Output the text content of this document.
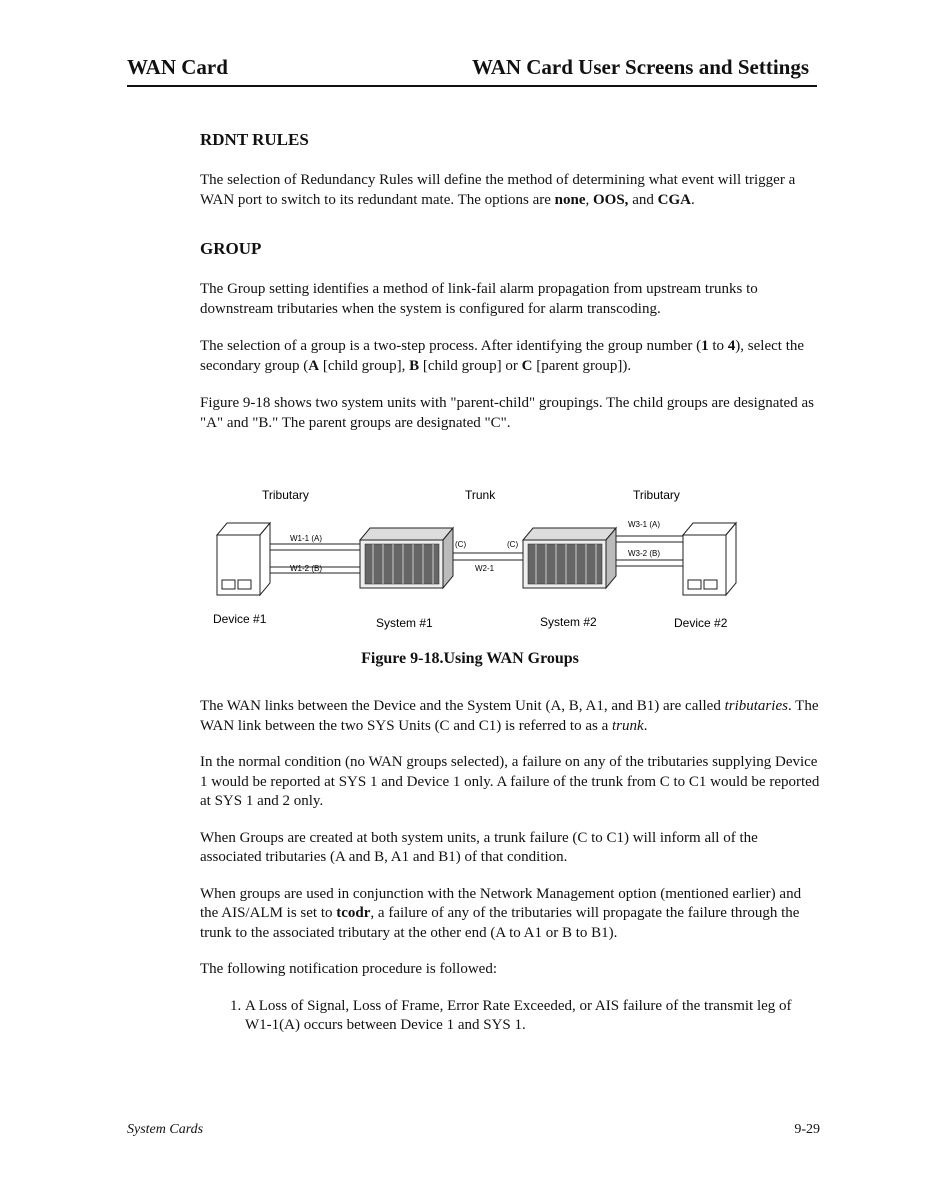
WAN Card	WAN Card User Screens and Settings
RDNT RULES

The selection of Redundancy Rules will define the method of determining what event will trigger a WAN port to switch to its redundant mate. The options are none, OOS, and CGA.

GROUP

The Group setting identifies a method of link-fail alarm propagation from upstream trunks to downstream tributaries when the system is configured for alarm transcoding.

The selection of a group is a two-step process. After identifying the group number (1 to 4), select the secondary group (A [child group], B [child group] or C [parent group]).

Figure 9-18 shows two system units with "parent-child" groupings. The child groups are designated as "A" and "B." The parent groups are designated "C".

Tributary	Trunk	Tributary
W1-1 (A)
W1-2 (B)
(C)
W2-1
(C)
W3-1 (A)
W3-2 (B)
Device #1	System #1	System #2	Device #2
Figure 9-18.Using WAN Groups

The WAN links between the Device and the System Unit (A, B, A1, and B1) are called tributaries. The WAN link between the two SYS Units (C and C1) is referred to as a trunk.

In the normal condition (no WAN groups selected), a failure on any of the tributaries supplying Device 1 would be reported at SYS 1 and Device 1 only. A failure of the trunk from C to C1 would be reported at SYS 1 and 2 only.

When Groups are created at both system units, a trunk failure (C to C1) will inform all of the associated tributaries (A and B, A1 and B1) of that condition.

When groups are used in conjunction with the Network Management option (mentioned earlier) and the AIS/ALM is set to tcodr, a failure of any of the tributaries will propagate the failure through the trunk to the associated tributary at the other end (A to A1 or B to B1).

The following notification procedure is followed:

1. A Loss of Signal, Loss of Frame, Error Rate Exceeded, or AIS failure of the transmit leg of W1-1(A) occurs between Device 1 and SYS 1.
System Cards	9-29
